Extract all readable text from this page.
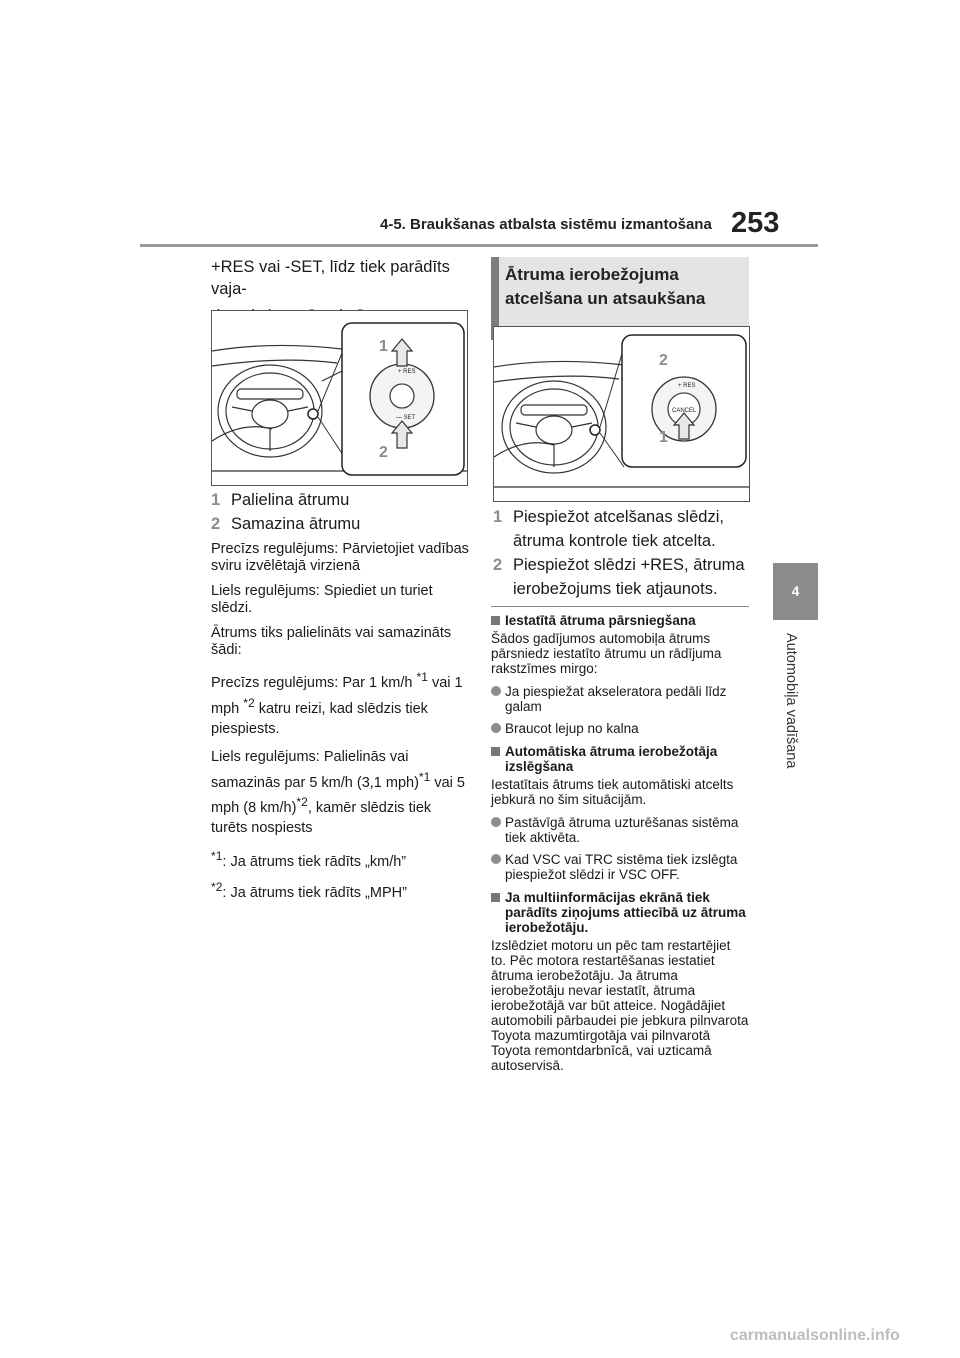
4-5. Braukšanas atbalsta sistēmu izmantošana 253
4
Automobiļa vadīšana
+RES vai -SET, līdz tiek parādīts vaja-
+ RES
— SET
1
2
1 Palielina ātrumu
2 Samazina ātrumu

Precīzs regulējums: Pārvietojiet vadības sviru izvēlētajā virzienā

Liels regulējums: Spiediet un turiet slēdzi.

Ātrums tiks palielināts vai samazināts šādi:

Precīzs regulējums: Par 1 km/h $^{*1}$ vai 1 mph $^{*2}$ katru reizi, kad slēdzis tiek piespiests.

Liels regulējums: Palielinās vai samazinās par 5 km/h (3,1 mph)$^{*1}$ vai 5 mph (8 km/h)$^{*2}$, kamēr slēdzis tiek turēts nospiests

$^{*1}$: Ja ātrums tiek rādīts „km/h”

$^{*2}$: Ja ātrums tiek rādīts „MPH”

Ātruma ierobežojuma
atcelšana un atsaukšana
+ RES
CANCEL
2
1
1 Piespiežot atcelšanas slēdzi,
ātruma kontrole tiek atcelta.
2 Piespiežot slēdzi +RES, ātruma
ierobežojums tiek atjaunots.
Iestatītā ātruma pārsniegšana
Šādos gadījumos automobiļa ātrums pārsniedz iestatīto ātrumu un rādījuma rakstzīmes mirgo:
Ja piespiežat akseleratora pedāli līdz galam
Braucot lejup no kalna
Automātiska ātruma ierobežotāja izslēgšana
Iestatītais ātrums tiek automātiski atcelts jebkurā no šim situācijām.
Pastāvīgā ātruma uzturēšanas sistēma tiek aktivēta.
Kad VSC vai TRC sistēma tiek izslēgta piespiežot slēdzi ir VSC OFF.
Ja multiinformācijas ekrānā tiek parādīts ziņojums attiecībā uz ātruma ierobežotāju.
Izslēdziet motoru un pēc tam restartējiet to. Pēc motora restartēšanas iestatiet ātruma ierobežotāju. Ja ātruma ierobežotāju nevar iestatīt, ātruma ierobežotājā var būt atteice. Nogādājiet automobili pārbaudei pie jebkura pilnvarota Toyota mazumtirgotāja vai pilnvarotā Toyota remontdarbnīcā, vai uzticamā autoservisā.
carmanualsonline.info
